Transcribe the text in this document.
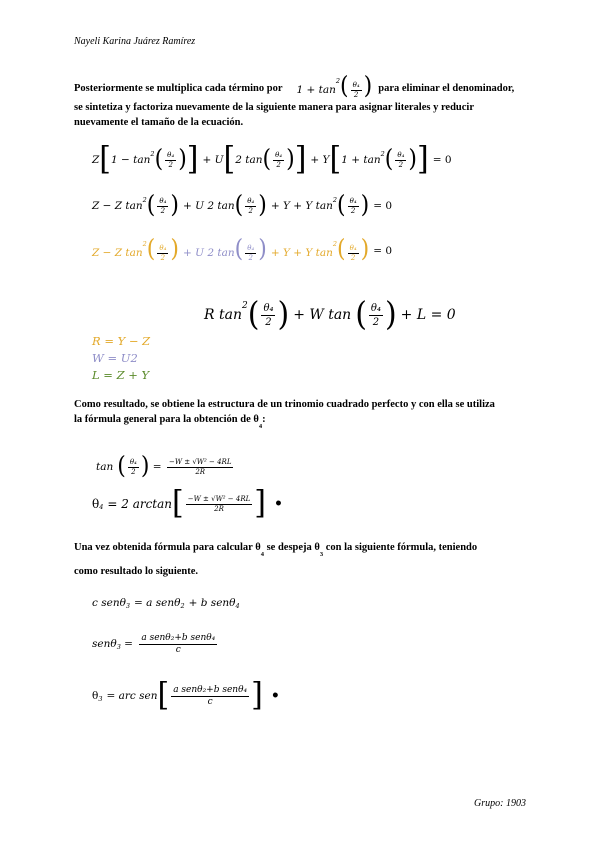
Nayeli Karina Juárez Ramírez
Posteriormente se multiplica cada término por $1 + \tan^2( \frac{\text{θ₄}}{2}$ ) para eliminar el denominador,
se sintetiza y factoriza nuevamente de la siguiente manera para asignar literales y reducir
nuevamente el tamaño de la ecuación.
Z [ $1 - \tan^2$ ( $\frac{\text{θ₄}}{2}$ ) ] + U [ 2 tan ( $\frac{\text{θ₄}}{2}$ ) ] + Y [ $1 + \tan^2$ ( $\frac{\text{θ₄}}{2}$ ) ] = 0
Z − Z $\tan^2$ ( $\frac{\text{θ₄}}{2}$ ) + U 2 tan ( $\frac{\text{θ₄}}{2}$ ) + Y + Y $\tan^2$ ( $\frac{\text{θ₄}}{2}$ ) = 0
Z − Z $\tan^2( \frac{\text{θ₄}}{2}$ ) + U 2 $\tan( \frac{\text{θ₄}}{2}$ ) + Y + Y $\tan^2( \frac{\text{θ₄}}{2}$ ) = 0
R tan
$^2$ ( $\frac{\text{θ₄}}{2}$ ) + W tan ( $\frac{\text{θ₄}}{2}$ ) + L = 0
R = Y − Z
W = U2
L = Z + Y
Como resultado, se obtiene la estructura de un trinomio cuadrado perfecto y con ella se utiliza
la fórmula general para la obtención de $\theta_4$:
tan ( $\frac{\text{θ₄}}{2}$ ) = $\frac{\text{−W ± √W² − 4RL}}{2R}$
$\theta_4 = 2$ arctan [ $\frac{\text{−W ± √W² − 4RL}}{2R}$ ] •
Una vez obtenida fórmula para calcular $\theta_4$ se despeja $\theta_3$ con la siguiente fórmula, teniendo
como resultado lo siguiente.
c senθ$_3$ = a senθ$_2$ + b senθ$_4$
$sen\theta_3 = \frac{\text{a senθ₂+b senθ₄}}{c}$
$\theta_3$ = arc sen [ $\frac{\text{a senθ₂+b senθ₄}}{c}$ ] •
Grupo: 1903
